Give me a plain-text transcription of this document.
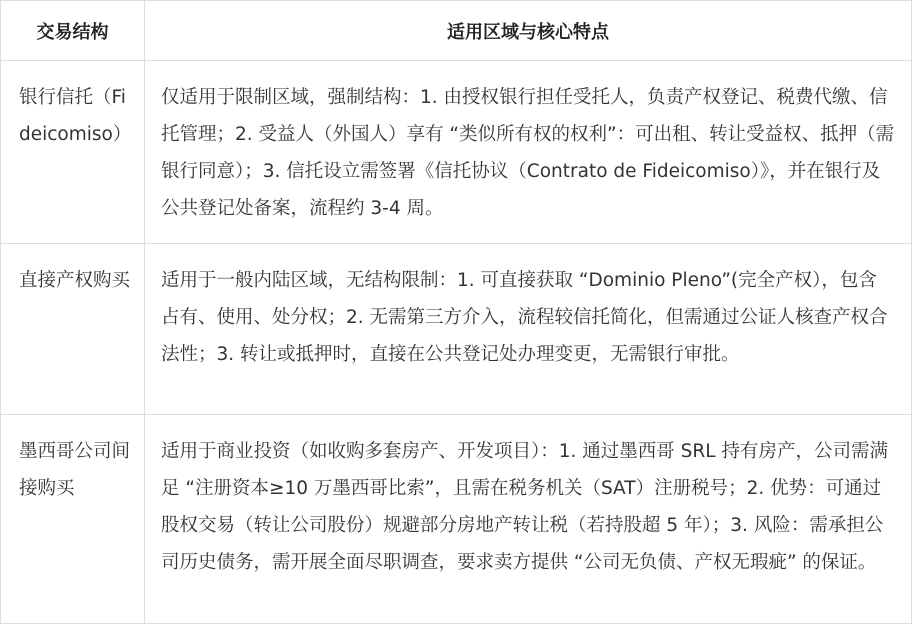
交易结构	适用区域与核心特点
银行信托（Fideicomiso）	仅适用于限制区域，强制结构：1. 由授权银行担任受托人，负责产权登记、税费代缴、信托管理；2. 受益人（外国人）享有 “类似所有权的权利”：可出租、转让受益权、抵押（需银行同意）；3. 信托设立需签署《信托协议（Contrato de Fideicomiso）》，并在银行及公共登记处备案，流程约 3-4 周。
直接产权购买	适用于一般内陆区域，无结构限制：1. 可直接获取 “Dominio Pleno”(完全产权），包含占有、使用、处分权；2. 无需第三方介入，流程较信托简化，但需通过公证人核查产权合法性；3. 转让或抵押时，直接在公共登记处办理变更，无需银行审批。
墨西哥公司间接购买	适用于商业投资（如收购多套房产、开发项目）：1. 通过墨西哥 SRL 持有房产，公司需满足 “注册资本≥10 万墨西哥比索”，且需在税务机关（SAT）注册税号；2. 优势：可通过股权交易（转让公司股份）规避部分房地产转让税（若持股超 5 年）；3. 风险：需承担公司历史债务，需开展全面尽职调查，要求卖方提供 “公司无负债、产权无瑕疵” 的保证。
